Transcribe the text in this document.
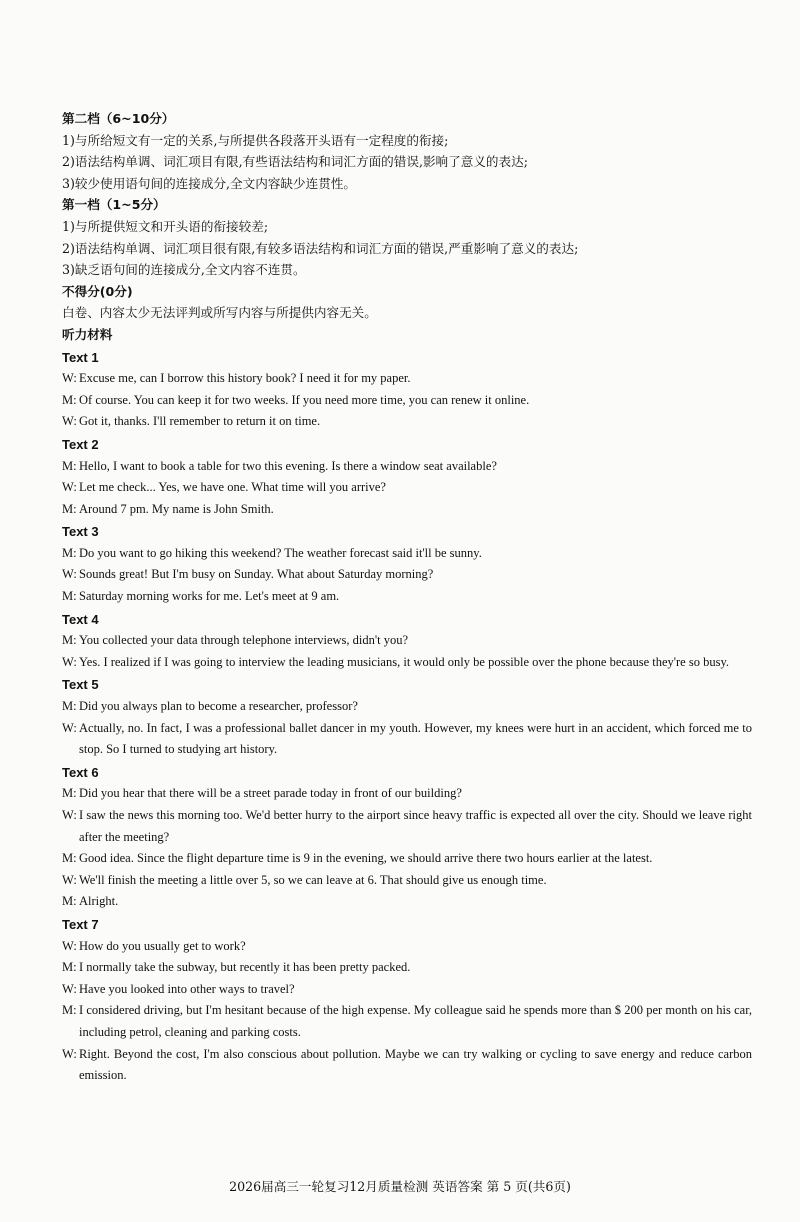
第二档（6~10分）
1)与所给短文有一定的关系,与所提供各段落开头语有一定程度的衔接;
2)语法结构单调、词汇项目有限,有些语法结构和词汇方面的错误,影响了意义的表达;
3)较少使用语句间的连接成分,全文内容缺少连贯性。
第一档（1~5分）
1)与所提供短文和开头语的衔接较差;
2)语法结构单调、词汇项目很有限,有较多语法结构和词汇方面的错误,严重影响了意义的表达;
3)缺乏语句间的连接成分,全文内容不连贯。
不得分(0分)
白卷、内容太少无法评判或所写内容与所提供内容无关。
听力材料
Text 1
W: Excuse me, can I borrow this history book? I need it for my paper.
M: Of course. You can keep it for two weeks. If you need more time, you can renew it online.
W: Got it, thanks. I'll remember to return it on time.
Text 2
M: Hello, I want to book a table for two this evening. Is there a window seat available?
W: Let me check... Yes, we have one. What time will you arrive?
M: Around 7 pm. My name is John Smith.
Text 3
M: Do you want to go hiking this weekend? The weather forecast said it'll be sunny.
W: Sounds great! But I'm busy on Sunday. What about Saturday morning?
M: Saturday morning works for me. Let's meet at 9 am.
Text 4
M: You collected your data through telephone interviews, didn't you?
W: Yes. I realized if I was going to interview the leading musicians, it would only be possible over the phone because they're so busy.
Text 5
M: Did you always plan to become a researcher, professor?
W: Actually, no. In fact, I was a professional ballet dancer in my youth. However, my knees were hurt in an accident, which forced me to stop. So I turned to studying art history.
Text 6
M: Did you hear that there will be a street parade today in front of our building?
W: I saw the news this morning too. We'd better hurry to the airport since heavy traffic is expected all over the city. Should we leave right after the meeting?
M: Good idea. Since the flight departure time is 9 in the evening, we should arrive there two hours earlier at the latest.
W: We'll finish the meeting a little over 5, so we can leave at 6. That should give us enough time.
M: Alright.
Text 7
W: How do you usually get to work?
M: I normally take the subway, but recently it has been pretty packed.
W: Have you looked into other ways to travel?
M: I considered driving, but I'm hesitant because of the high expense. My colleague said he spends more than $ 200 per month on his car, including petrol, cleaning and parking costs.
W: Right. Beyond the cost, I'm also conscious about pollution. Maybe we can try walking or cycling to save energy and reduce carbon emission.
2026届高三一轮复习12月质量检测 英语答案 第 5 页(共6页)
